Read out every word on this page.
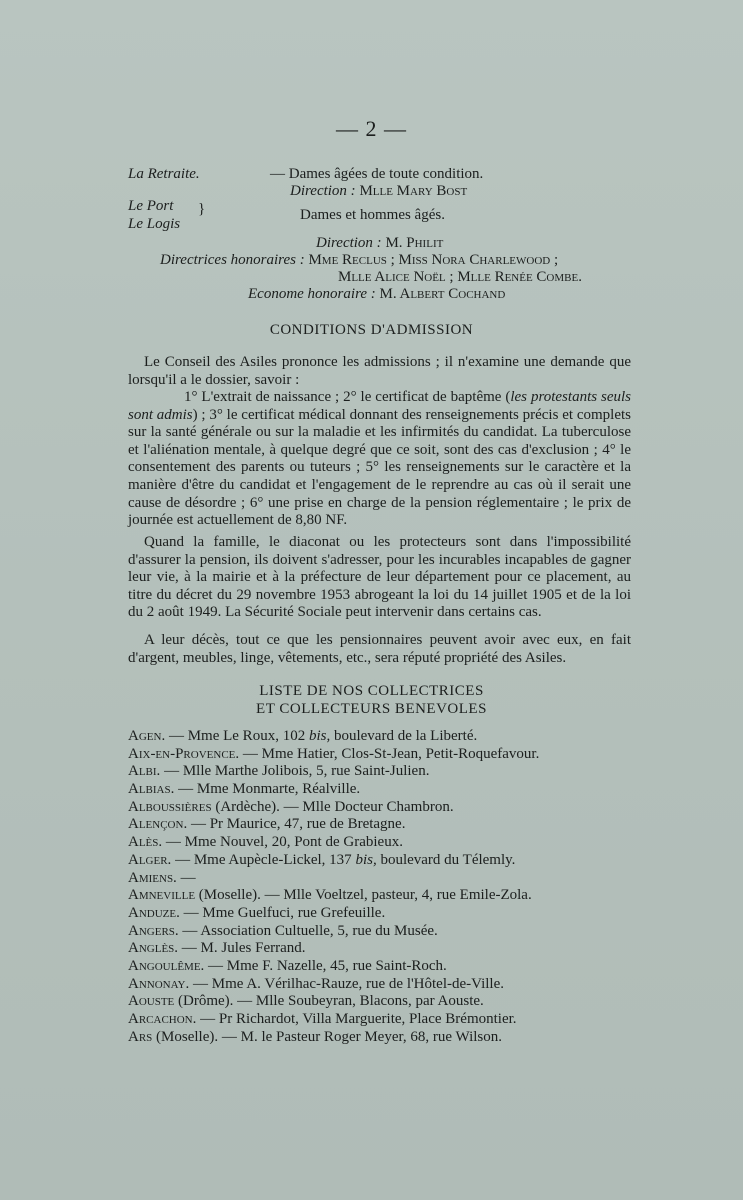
— 2 —
La Retraite.	— Dames âgées de toute condition.
Direction : Mlle Mary Bost
Le Port
Le Logis
}	Dames et hommes âgés.
Direction : M. Philit
Directrices honoraires : Mme Reclus ; Miss Nora Charlewood ;
Mlle Alice Noël ; Mlle Renée Combe.
Econome honoraire : M. Albert Cochand
CONDITIONS D'ADMISSION
Le Conseil des Asiles prononce les admissions ; il n'examine une demande que lorsqu'il a le dossier, savoir :
1° L'extrait de naissance ; 2° le certificat de baptême (les protestants seuls sont admis) ; 3° le certificat médical donnant des renseignements précis et complets sur la santé générale ou sur la maladie et les infirmités du candidat. La tuberculose et l'aliénation mentale, à quelque degré que ce soit, sont des cas d'exclusion ; 4° le consentement des parents ou tuteurs ; 5° les renseignements sur le caractère et la manière d'être du candidat et l'engagement de le reprendre au cas où il serait une cause de désordre ; 6° une prise en charge de la pension réglementaire ; le prix de journée est actuellement de 8,80 NF.
Quand la famille, le diaconat ou les protecteurs sont dans l'impossibilité d'assurer la pension, ils doivent s'adresser, pour les incurables incapables de gagner leur vie, à la mairie et à la préfecture de leur département pour ce placement, au titre du décret du 29 novembre 1953 abrogeant la loi du 14 juillet 1905 et de la loi du 2 août 1949. La Sécurité Sociale peut intervenir dans certains cas.
A leur décès, tout ce que les pensionnaires peuvent avoir avec eux, en fait d'argent, meubles, linge, vêtements, etc., sera réputé propriété des Asiles.
LISTE DE NOS COLLECTRICES
ET COLLECTEURS BENEVOLES
Agen. — Mme Le Roux, 102 bis, boulevard de la Liberté.
Aix-en-Provence. — Mme Hatier, Clos-St-Jean, Petit-Roquefavour.
Albi. — Mlle Marthe Jolibois, 5, rue Saint-Julien.
Albias. — Mme Monmarte, Réalville.
Alboussières (Ardèche). — Mlle Docteur Chambron.
Alençon. — Pr Maurice, 47, rue de Bretagne.
Alès. — Mme Nouvel, 20, Pont de Grabieux.
Alger. — Mme Aupècle-Lickel, 137 bis, boulevard du Télemly.
Amiens. —
Amneville (Moselle). — Mlle Voeltzel, pasteur, 4, rue Emile-Zola.
Anduze. — Mme Guelfuci, rue Grefeuille.
Angers. — Association Cultuelle, 5, rue du Musée.
Anglès. — M. Jules Ferrand.
Angoulême. — Mme F. Nazelle, 45, rue Saint-Roch.
Annonay. — Mme A. Vérilhac-Rauze, rue de l'Hôtel-de-Ville.
Aouste (Drôme). — Mlle Soubeyran, Blacons, par Aouste.
Arcachon. — Pr Richardot, Villa Marguerite, Place Brémontier.
Ars (Moselle). — M. le Pasteur Roger Meyer, 68, rue Wilson.
